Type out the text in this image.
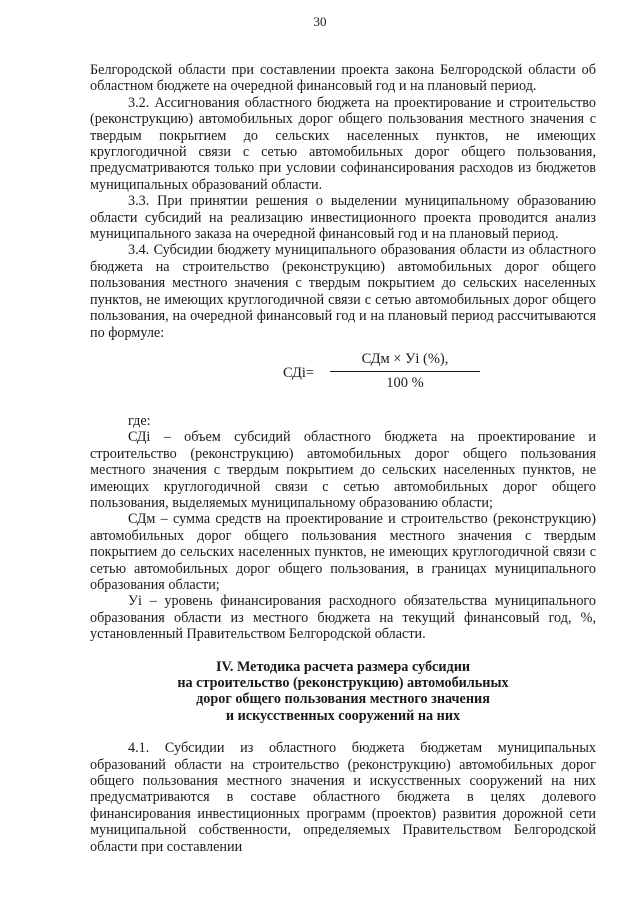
30

Белгородской области при составлении проекта закона Белгородской области об областном бюджете на очередной финансовый год и на плановый период.

3.2. Ассигнования областного бюджета на проектирование и строительство (реконструкцию) автомобильных дорог общего пользования местного значения с твердым покрытием до сельских населенных пунктов, не имеющих круглогодичной связи с сетью автомобильных дорог общего пользования, предусматриваются только при условии софинансирования расходов из бюджетов муниципальных образований области.

3.3. При принятии решения о выделении муниципальному образованию области субсидий на реализацию инвестиционного проекта проводится анализ муниципального заказа на очередной финансовый год и на плановый период.

3.4. Субсидии бюджету муниципального образования области из областного бюджета на строительство (реконструкцию) автомобильных дорог общего пользования местного значения с твердым покрытием до сельских населенных пунктов, не имеющих круглогодичной связи с сетью автомобильных дорог общего пользования, на очередной финансовый год и на плановый период рассчитываются по формуле:

СДi=
СДм × Уi (%),
100 %

где:

СДi – объем субсидий областного бюджета на проектирование и строительство (реконструкцию) автомобильных дорог общего пользования местного значения с твердым покрытием до сельских населенных пунктов, не имеющих круглогодичной связи с сетью автомобильных дорог общего пользования, выделяемых муниципальному образованию области;

СДм – сумма средств на проектирование и строительство (реконструкцию) автомобильных дорог общего пользования местного значения с твердым покрытием до сельских населенных пунктов, не имеющих круглогодичной связи с сетью автомобильных дорог общего пользования, в границах муниципального образования области;

Уi – уровень финансирования расходного обязательства муниципального образования области из местного бюджета на текущий финансовый год, %, установленный Правительством Белгородской области.

IV. Методика расчета размера субсидии
на строительство (реконструкцию) автомобильных
дорог общего пользования местного значения
и искусственных сооружений на них

4.1. Субсидии из областного бюджета бюджетам муниципальных образований области на строительство (реконструкцию) автомобильных дорог общего пользования местного значения и искусственных сооружений на них предусматриваются в составе областного бюджета в целях долевого финансирования инвестиционных программ (проектов) развития дорожной сети муниципальной собственности, определяемых Правительством Белгородской области при составлении
